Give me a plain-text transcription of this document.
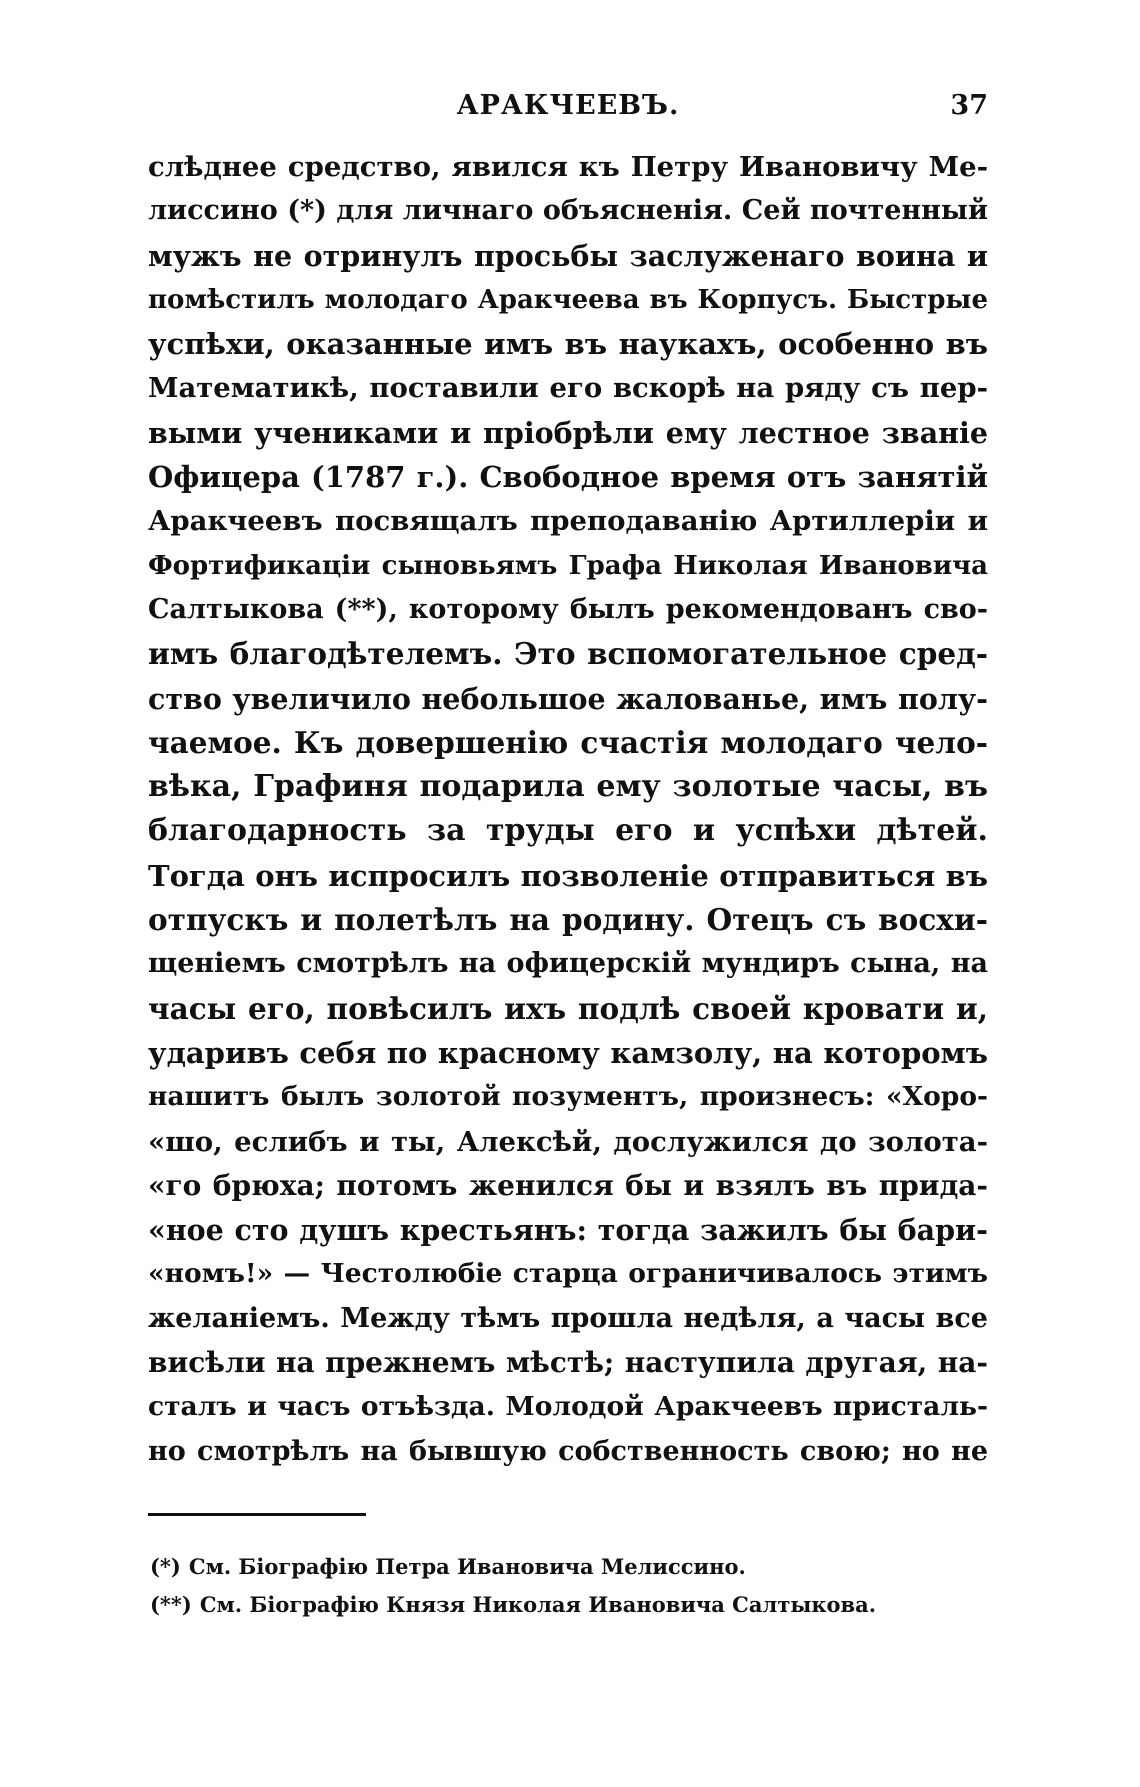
АРАКЧЕЕВЪ.	37
слѣднее средство, явился къ Петру Ивановичу Ме-
лиссино (*) для личнаго объясненія. Сей почтенный
мужъ не отринулъ просьбы заслуженаго воина и
помѣстилъ молодаго Аракчеева въ Корпусъ. Быстрые
успѣхи, оказанные имъ въ наукахъ, особенно въ
Математикѣ, поставили его вскорѣ на ряду съ пер-
выми учениками и пріобрѣли ему лестное званіе
Офицера (1787 г.). Свободное время отъ занятій
Аракчеевъ посвящалъ преподаванію Артиллеріи и
Фортификаціи сыновьямъ Графа Николая Ивановича
Салтыкова (**), которому былъ рекомендованъ сво-
имъ благодѣтелемъ. Это вспомогательное сред-
ство увеличило небольшое жалованье, имъ полу-
чаемое. Къ довершенію счастія молодаго чело-
вѣка, Графиня подарила ему золотые часы, въ
благодарность за труды его и успѣхи дѣтей.
Тогда онъ испросилъ позволеніе отправиться въ
отпускъ и полетѣлъ на родину. Отецъ съ восхи-
щеніемъ смотрѣлъ на офицерскій мундиръ сына, на
часы его, повѣсилъ ихъ подлѣ своей кровати и,
ударивъ себя по красному камзолу, на которомъ
нашитъ былъ золотой позументъ, произнесъ: «Хоро-
«шо, еслибъ и ты, Алексѣй, дослужился до золота-
«го брюха; потомъ женился бы и взялъ въ прида-
«ное сто душъ крестьянъ: тогда зажилъ бы бари-
«номъ!» — Честолюбіе старца ограничивалось этимъ
желаніемъ. Между тѣмъ прошла недѣля, а часы все
висѣли на прежнемъ мѣстѣ; наступила другая, на-
сталъ и часъ отъѣзда. Молодой Аракчеевъ присталь-
но смотрѣлъ на бывшую собственность свою; но не
(*) См. Біографію Петра Ивановича Мелиссино.
(**) См. Біографію Князя Николая Ивановича Салтыкова.
